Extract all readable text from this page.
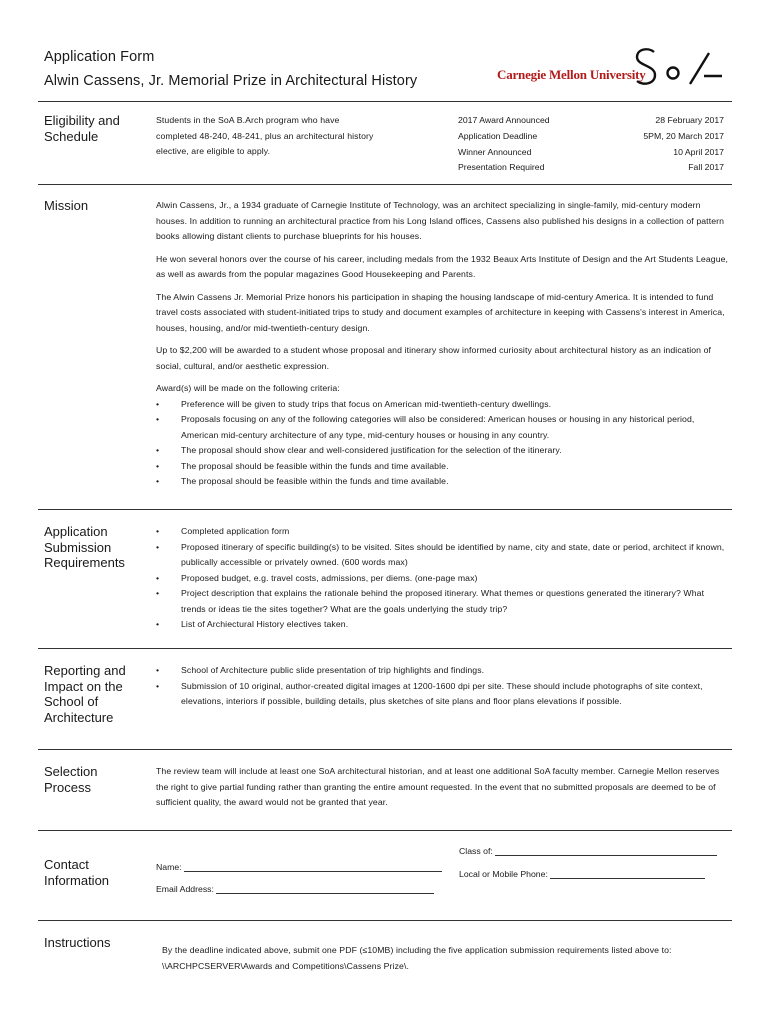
Application Form
Alwin Cassens, Jr. Memorial Prize in Architectural History	Carnegie Mellon University
Eligibility and
Schedule
Students in the SoA B.Arch program who have completed 48-240, 48-241, plus an architectural history elective, are eligible to apply.
2017 Award Announced	28 February 2017
Application Deadline	5PM, 20 March 2017
Winner Announced	10 April 2017
Presentation Required	Fall 2017
Mission	Alwin Cassens, Jr., a 1934 graduate of Carnegie Institute of Technology, was an architect specializing in single-family, mid-century modern houses. In addition to running an architectural practice from his Long Island offices, Cassens also published his designs in a collection of pattern books allowing distant clients to purchase blueprints for his houses.

He won several honors over the course of his career, including medals from the 1932 Beaux Arts Institute of Design and the Art Students League, as well as awards from the popular magazines Good Housekeeping and Parents.

The Alwin Cassens Jr. Memorial Prize honors his participation in shaping the housing landscape of mid-century America. It is intended to fund travel costs associated with student-initiated trips to study and document examples of architecture in keeping with Cassens's interest in America, houses, housing, and/or mid-twentieth-century design.

Up to $2,200 will be awarded to a student whose proposal and itinerary show informed curiosity about architectural history as an indication of social, cultural, and/or aesthetic expression.

Award(s) will be made on the following criteria:
•	Preference will be given to study trips that focus on American mid-twentieth-century dwellings.
•	Proposals focusing on any of the following categories will also be considered: American houses or housing in any historical period, American mid-century architecture of any type, mid-century houses or housing in any country.
•	The proposal should show clear and well-considered justification for the selection of the itinerary.
•	The proposal should be feasible within the funds and time available.
•	The proposal should be feasible within the funds and time available.
Application
Submission
Requirements
•	Completed application form
•	Proposed itinerary of specific building(s) to be visited. Sites should be identified by name, city and state, date or period, architect if known, publically accessible or privately owned. (600 words max)
•	Proposed budget, e.g. travel costs, admissions, per diems. (one-page max)
•	Project description that explains the rationale behind the proposed itinerary. What themes or questions generated the itinerary? What trends or ideas tie the sites together? What are the goals underlying the study trip?
•	List of Archiectural History electives taken.
Reporting and
Impact on the
School of
Architecture
•	School of Architecture public slide presentation of trip highlights and findings.
•	Submission of 10 original, author-created digital images at 1200-1600 dpi per site. These should include photographs of site context, elevations, interiors if possible, building details, plus sketches of site plans and floor plans elevations if possible.
Selection
Process
The review team will include at least one SoA architectural historian, and at least one additional SoA faculty member. Carnegie Mellon reserves the right to give partial funding rather than granting the entire amount requested. In the event that no submitted proposals are deemed to be of sufficient quality, the award would not be granted that year.
Contact
Information
Class of:
Name:
Local or Mobile Phone:
Email Address:
Instructions	By the deadline indicated above, submit one PDF (≤10MB) including the five application submission requirements listed above to: \\ARCHPCSERVER\Awards and Competitions\Cassens Prize\.
